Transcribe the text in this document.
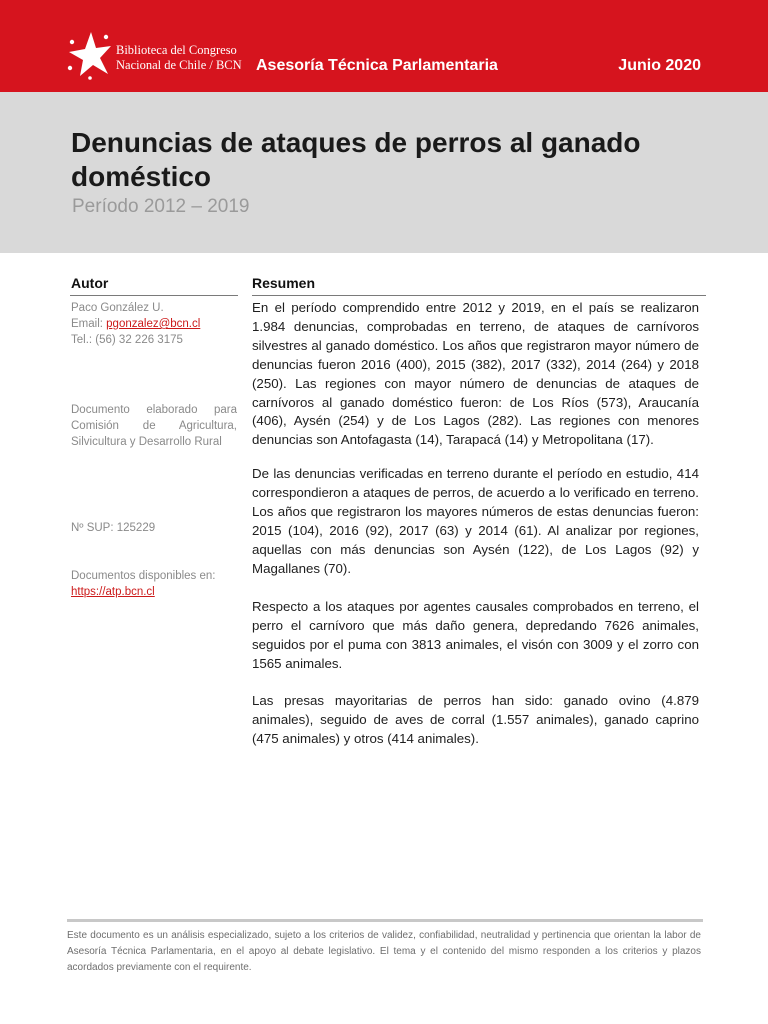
Biblioteca del Congreso
Nacional de Chile / BCN Asesoría Técnica Parlamentaria	Junio 2020
Denuncias de ataques de perros al ganado doméstico
Período 2012 – 2019
Autor	Resumen
Paco González U.
Email: pgonzalez@bcn.cl
Tel.: (56) 32 226 3175
Documento elaborado para Comisión de Agricultura, Silvicultura y Desarrollo Rural
Nº SUP: 125229
Documentos disponibles en:
https://atp.bcn.cl

En el período comprendido entre 2012 y 2019, en el país se realizaron 1.984 denuncias, comprobadas en terreno, de ataques de carnívoros silvestres al ganado doméstico. Los años que registraron mayor número de denuncias fueron 2016 (400), 2015 (382), 2017 (332), 2014 (264) y 2018 (250). Las regiones con mayor número de denuncias de ataques de carnívoros al ganado doméstico fueron: de Los Ríos (573), Araucanía (406), Aysén (254) y de Los Lagos (282). Las regiones con menores denuncias son Antofagasta (14), Tarapacá (14) y Metropolitana (17).

De las denuncias verificadas en terreno durante el período en estudio, 414 correspondieron a ataques de perros, de acuerdo a lo verificado en terreno. Los años que registraron los mayores números de estas denuncias fueron: 2015 (104), 2016 (92), 2017 (63) y 2014 (61). Al analizar por regiones, aquellas con más denuncias son Aysén (122), de Los Lagos (92) y Magallanes (70).

Respecto a los ataques por agentes causales comprobados en terreno, el perro el carnívoro que más daño genera, depredando 7626 animales, seguidos por el puma con 3813 animales, el visón con 3009 y el zorro con 1565 animales.

Las presas mayoritarias de perros han sido: ganado ovino (4.879 animales), seguido de aves de corral (1.557 animales), ganado caprino (475 animales) y otros (414 animales).

Este documento es un análisis especializado, sujeto a los criterios de validez, confiabilidad, neutralidad y pertinencia que orientan la labor de Asesoría Técnica Parlamentaria, en el apoyo al debate legislativo. El tema y el contenido del mismo responden a los criterios y plazos acordados previamente con el requirente.
